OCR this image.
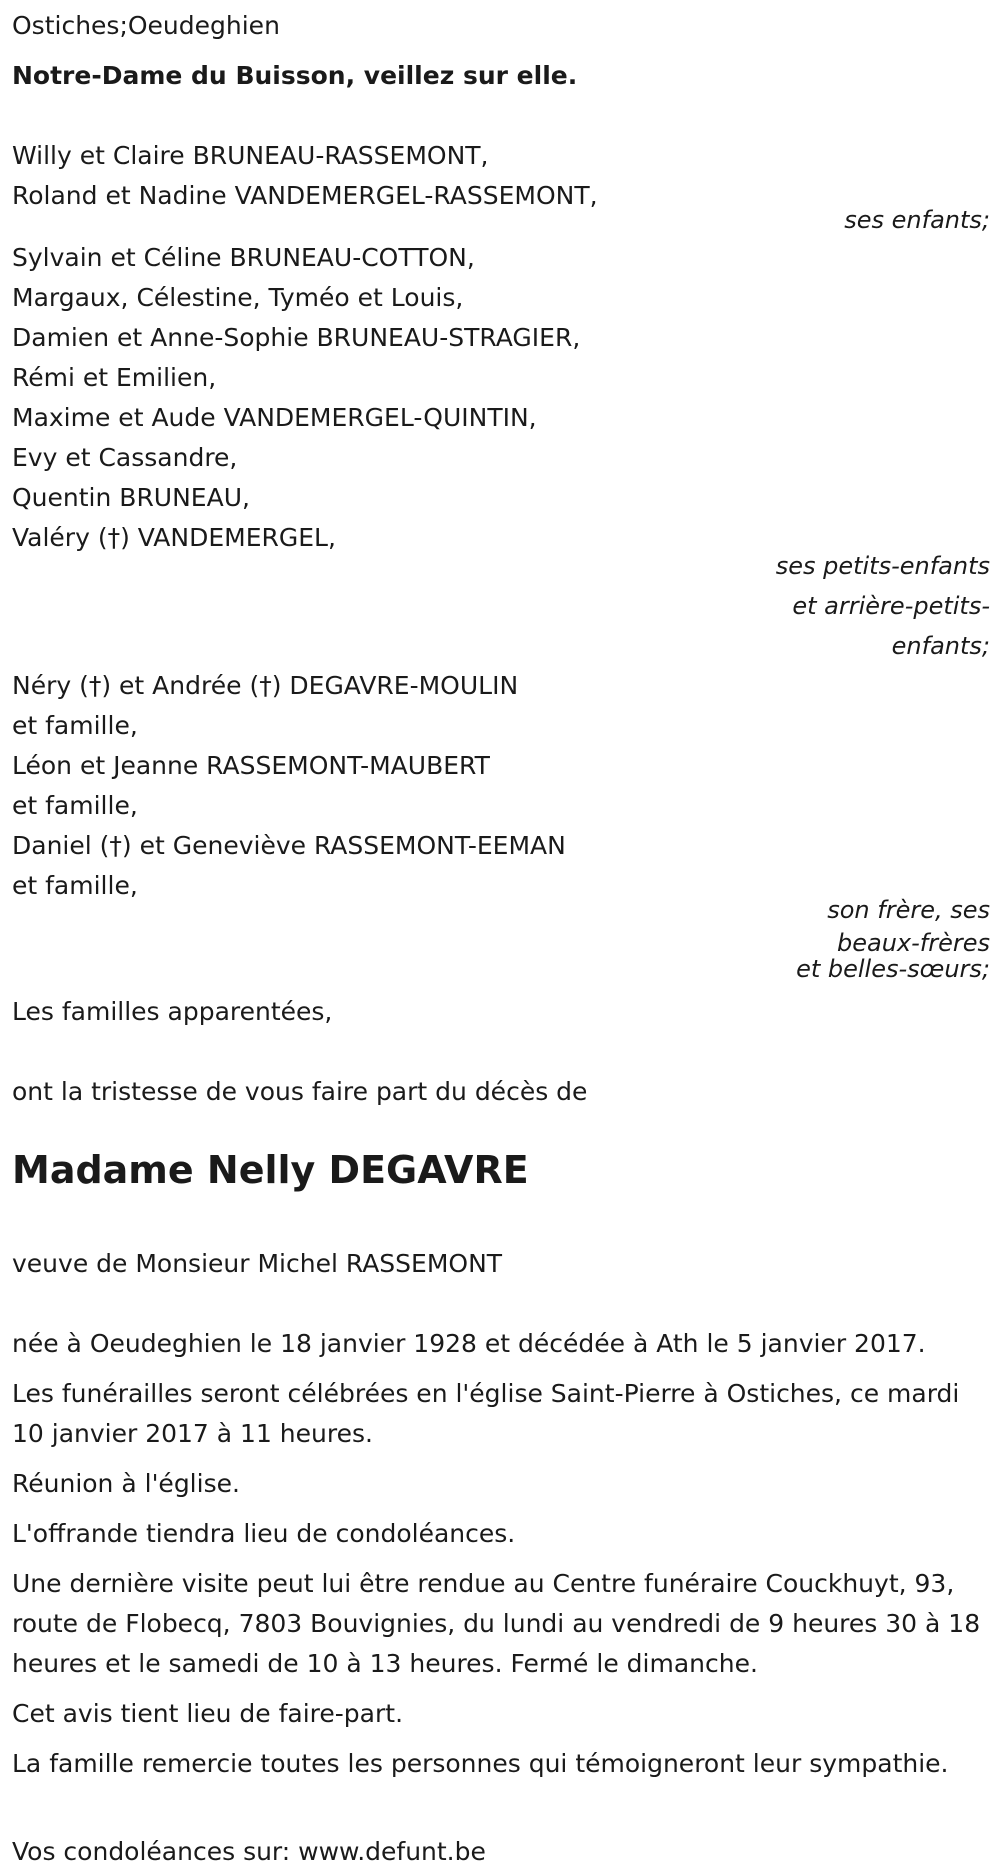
Ostiches;Oeudeghien
Notre-Dame du Buisson, veillez sur elle.
Willy et Claire BRUNEAU-RASSEMONT,
Roland et Nadine VANDEMERGEL-RASSEMONT,
ses enfants;
Sylvain et Céline BRUNEAU-COTTON,
Margaux, Célestine, Tyméo et Louis,
Damien et Anne-Sophie BRUNEAU-STRAGIER,
Rémi et Emilien,
Maxime et Aude VANDEMERGEL-QUINTIN,
Evy et Cassandre,
Quentin BRUNEAU,
Valéry (†) VANDEMERGEL,
ses petits-enfants
et arrière-petits-
enfants;
Néry (†) et Andrée (†) DEGAVRE-MOULIN
et famille,
Léon et Jeanne RASSEMONT-MAUBERT
et famille,
Daniel (†) et Geneviève RASSEMONT-EEMAN
et famille,
son frère, ses
beaux-frères
et belles-sœurs;
Les familles apparentées,
ont la tristesse de vous faire part du décès de
Madame Nelly DEGAVRE
veuve de Monsieur Michel RASSEMONT
née à Oeudeghien le 18 janvier 1928 et décédée à Ath le 5 janvier 2017.
Les funérailles seront célébrées en l'église Saint-Pierre à Ostiches, ce mardi 10 janvier 2017 à 11 heures.
Réunion à l'église.
L'offrande tiendra lieu de condoléances.
Une dernière visite peut lui être rendue au Centre funéraire Couckhuyt, 93, route de Flobecq, 7803 Bouvignies, du lundi au vendredi de 9 heures 30 à 18 heures et le samedi de 10 à 13 heures. Fermé le dimanche.
Cet avis tient lieu de faire-part.
La famille remercie toutes les personnes qui témoigneront leur sympathie.
Vos condoléances sur: www.defunt.be
